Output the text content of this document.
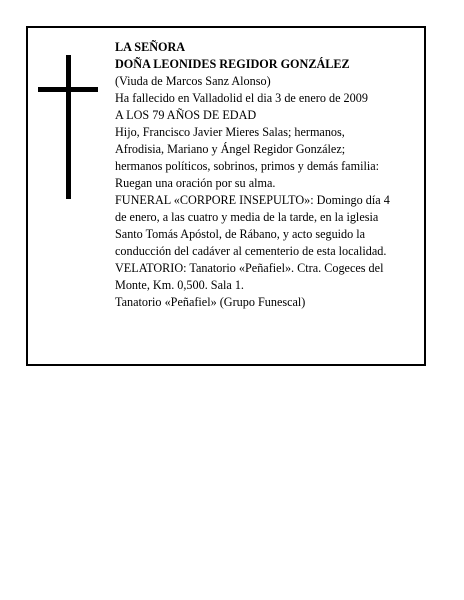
LA SEÑORA
DOÑA LEONIDES REGIDOR GONZÁLEZ
(Viuda de Marcos Sanz Alonso)
Ha fallecido en Valladolid el dia 3 de enero de 2009
A LOS 79 AÑOS DE EDAD
Hijo, Francisco Javier Mieres Salas; hermanos,
Afrodisia, Mariano y Ángel Regidor González;
hermanos políticos, sobrinos, primos y demás familia:
Ruegan una oración por su alma.
FUNERAL «CORPORE INSEPULTO»: Domingo día 4
de enero, a las cuatro y media de la tarde, en la iglesia
Santo Tomás Apóstol, de Rábano, y acto seguido la
conducción del cadáver al cementerio de esta localidad.
VELATORIO: Tanatorio «Peñafiel». Ctra. Cogeces del
Monte, Km. 0,500. Sala 1.
Tanatorio «Peñafiel» (Grupo Funescal)
